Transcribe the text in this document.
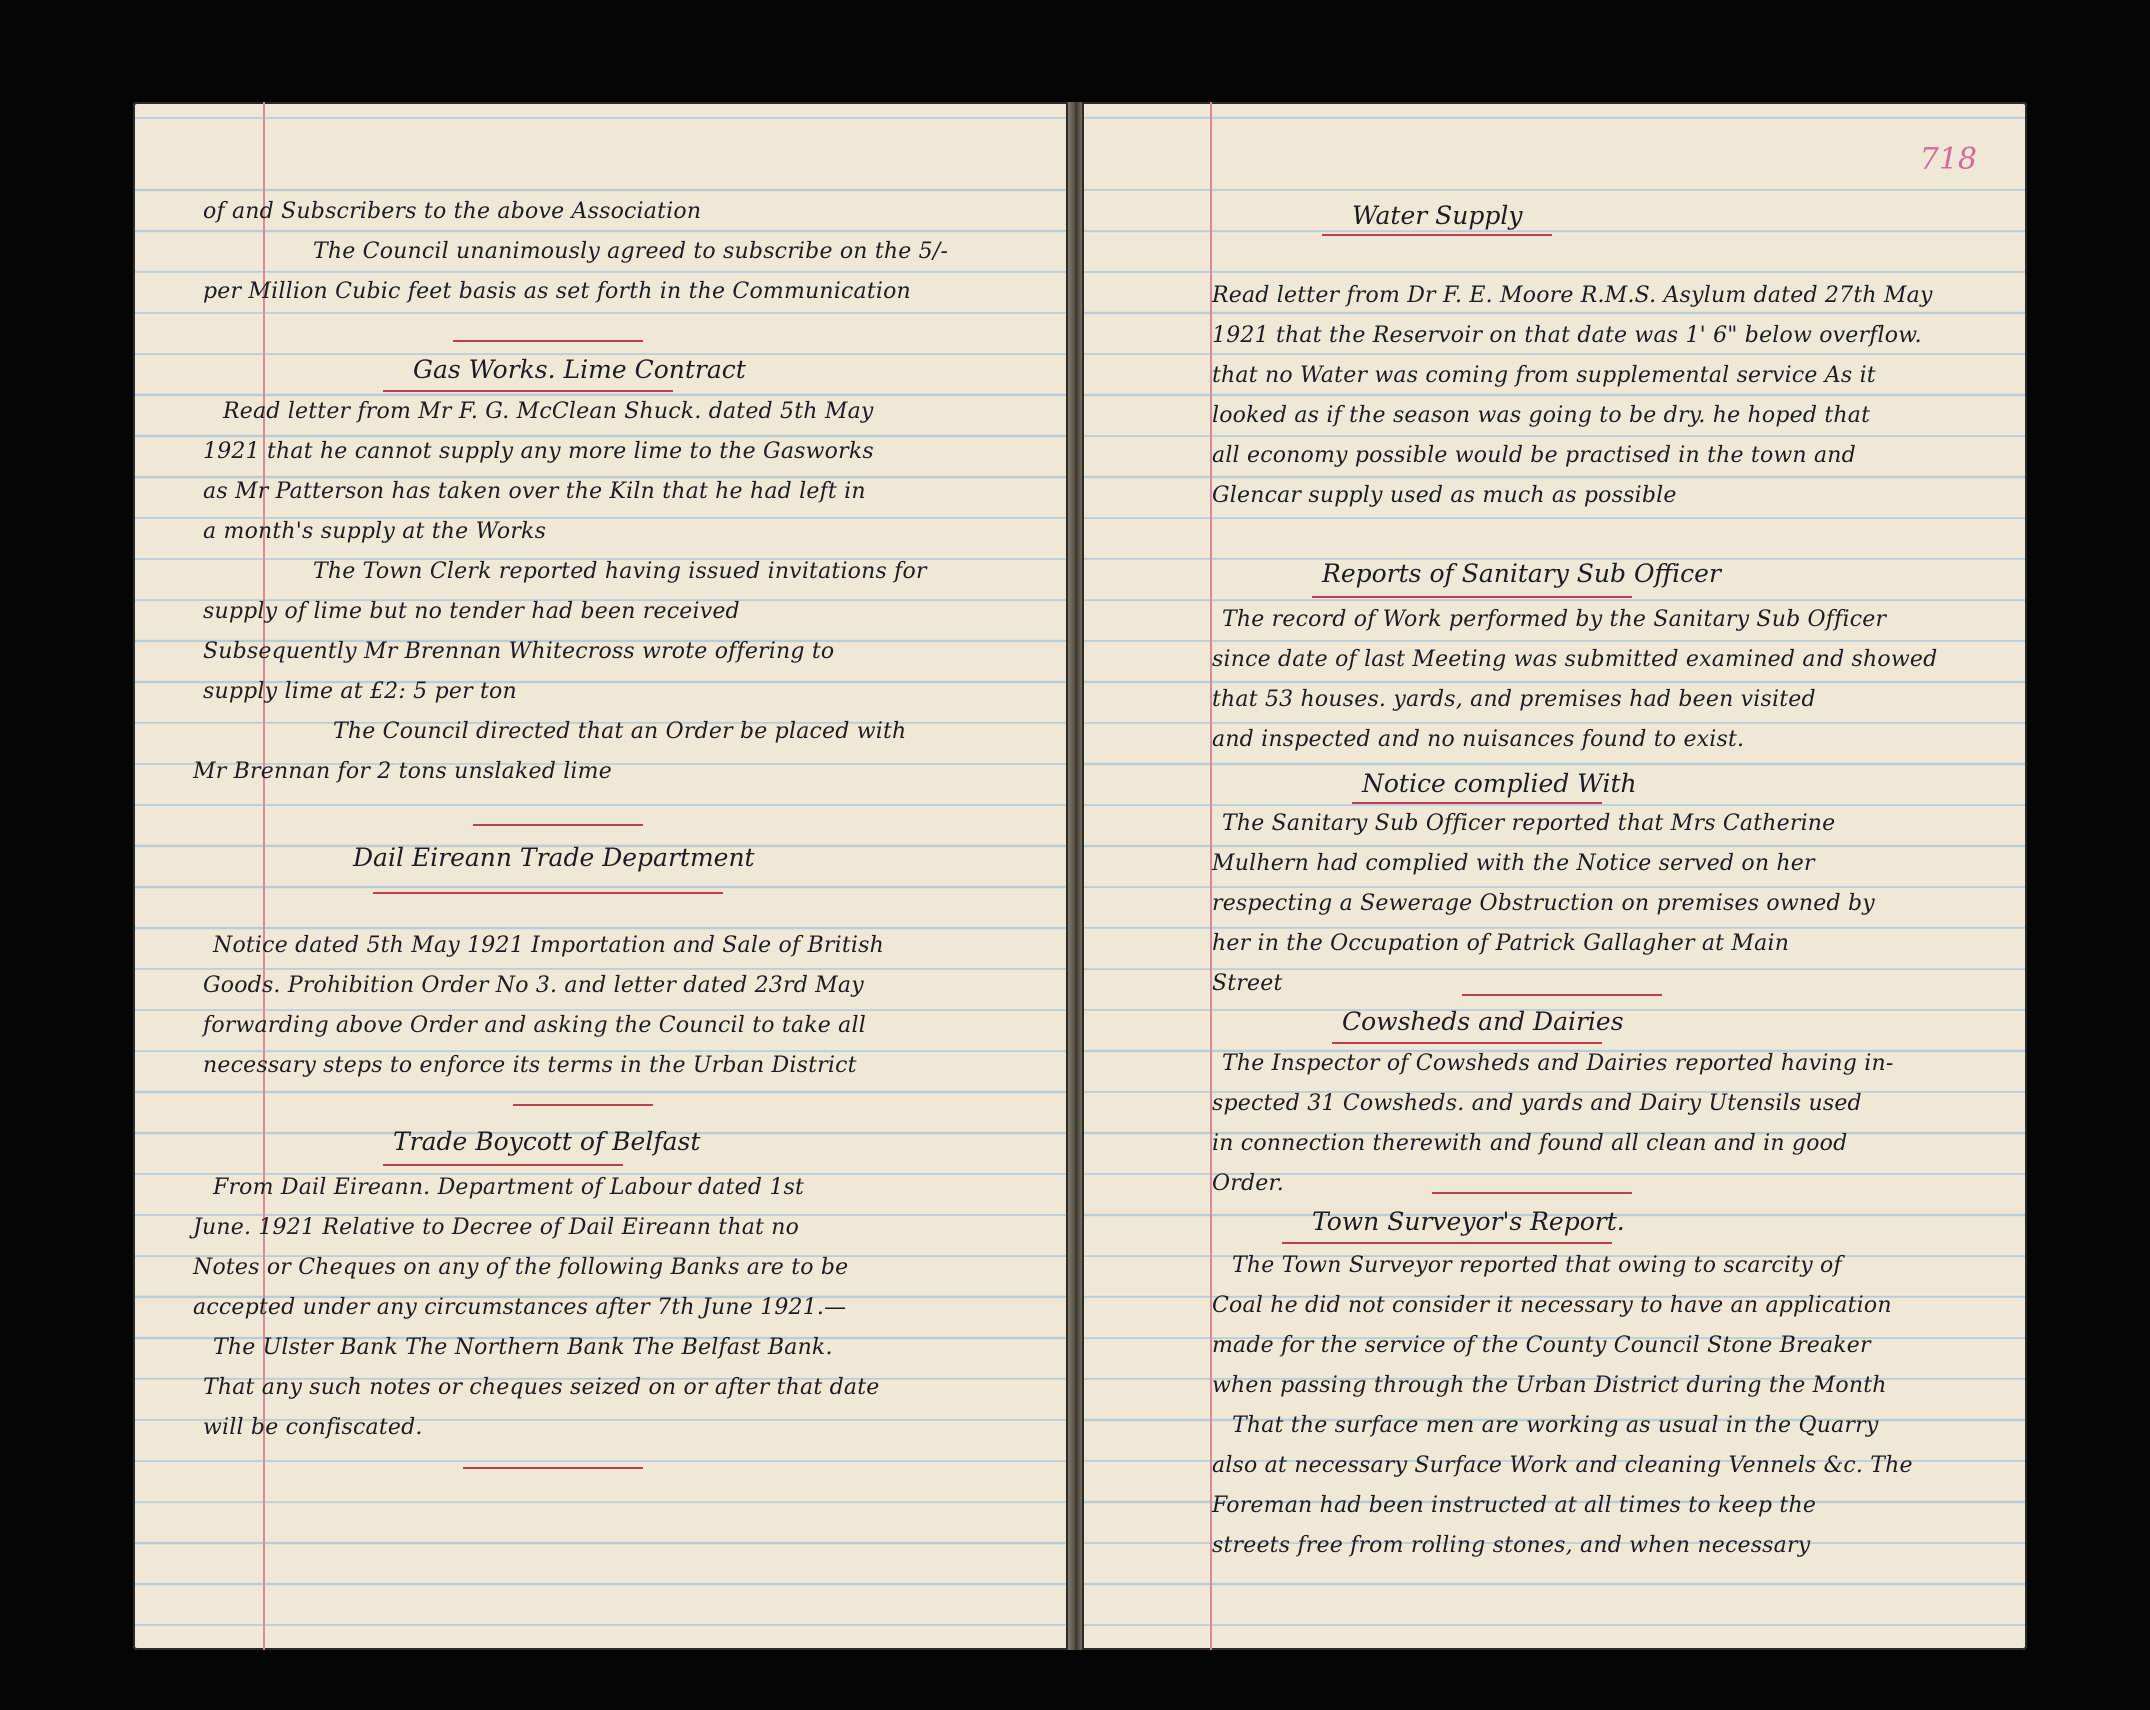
of and Subscribers to the above Association

The Council unanimously agreed to subscribe on the 5/-

per Million Cubic feet basis as set forth in the Communication

Gas Works. Lime Contract

Read letter from Mr F. G. McClean Shuck. dated 5th May

1921 that he cannot supply any more lime to the Gasworks

as Mr Patterson has taken over the Kiln that he had left in

a month's supply at the Works

The Town Clerk reported having issued invitations for

supply of lime but no tender had been received

Subsequently Mr Brennan Whitecross wrote offering to

supply lime at £2: 5 per ton

The Council directed that an Order be placed with

Mr Brennan for 2 tons unslaked lime

Dail Eireann Trade Department

Notice dated 5th May 1921 Importation and Sale of British

Goods. Prohibition Order No 3. and letter dated 23rd May

forwarding above Order and asking the Council to take all

necessary steps to enforce its terms in the Urban District

Trade Boycott of Belfast

From Dail Eireann. Department of Labour dated 1st

June. 1921 Relative to Decree of Dail Eireann that no

Notes or Cheques on any of the following Banks are to be

accepted under any circumstances after 7th June 1921.—

The Ulster Bank The Northern Bank The Belfast Bank.

That any such notes or cheques seized on or after that date

will be confiscated.

718

Water Supply

Read letter from Dr F. E. Moore R.M.S. Asylum dated 27th May

1921 that the Reservoir on that date was 1' 6" below overflow.

that no Water was coming from supplemental service As it

looked as if the season was going to be dry. he hoped that

all economy possible would be practised in the town and

Glencar supply used as much as possible

Reports of Sanitary Sub Officer

The record of Work performed by the Sanitary Sub Officer

since date of last Meeting was submitted examined and showed

that 53 houses. yards, and premises had been visited

and inspected and no nuisances found to exist.

Notice complied With

The Sanitary Sub Officer reported that Mrs Catherine

Mulhern had complied with the Notice served on her

respecting a Sewerage Obstruction on premises owned by

her in the Occupation of Patrick Gallagher at Main

Street

Cowsheds and Dairies

The Inspector of Cowsheds and Dairies reported having in-

spected 31 Cowsheds. and yards and Dairy Utensils used

in connection therewith and found all clean and in good

Order.

Town Surveyor's Report.

The Town Surveyor reported that owing to scarcity of

Coal he did not consider it necessary to have an application

made for the service of the County Council Stone Breaker

when passing through the Urban District during the Month

That the surface men are working as usual in the Quarry

also at necessary Surface Work and cleaning Vennels &c. The

Foreman had been instructed at all times to keep the

streets free from rolling stones, and when necessary
